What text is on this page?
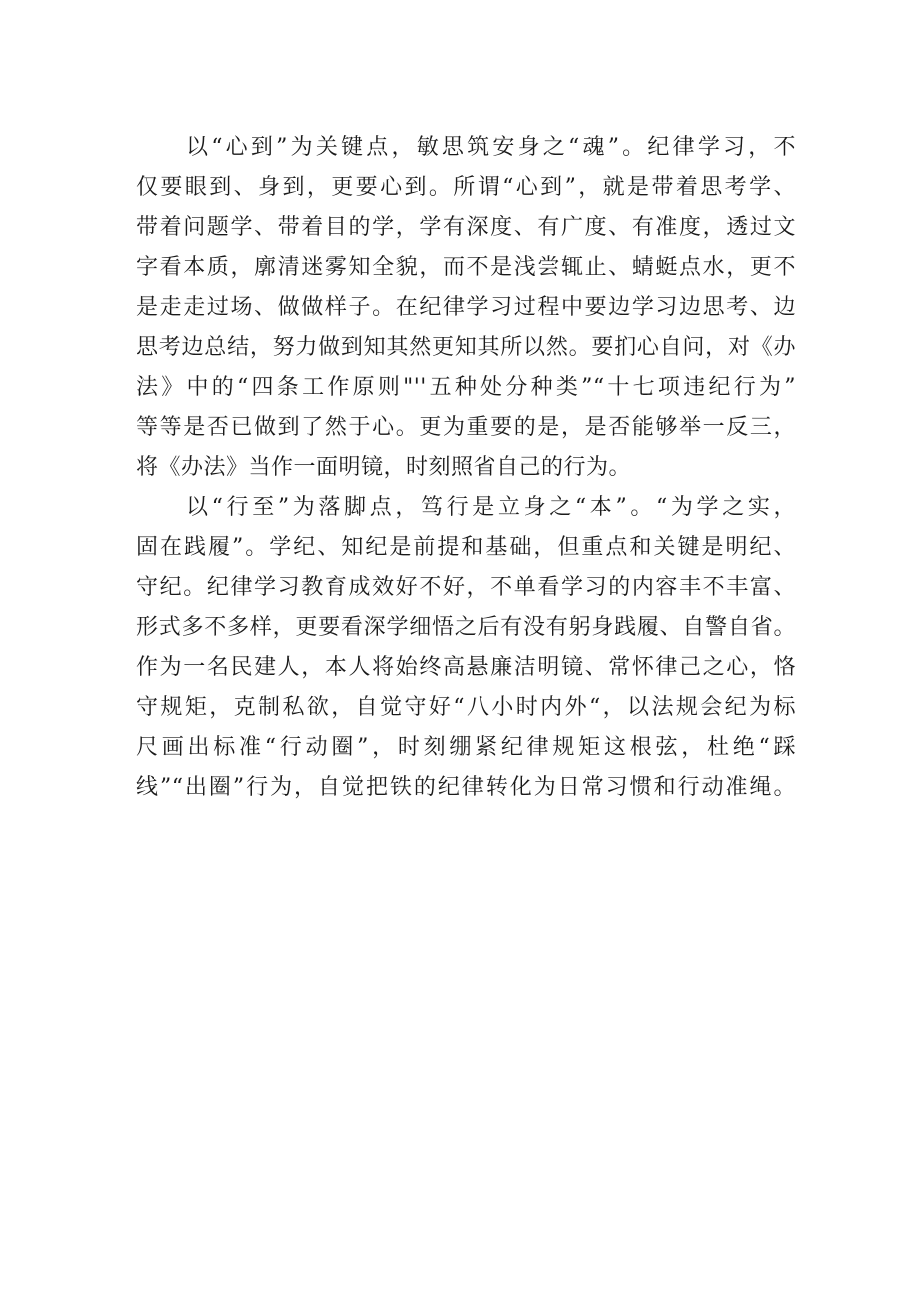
以“心到”为关键点，敏思筑安身之“魂”。纪律学习，不
仅要眼到、身到，更要心到。所谓“心到”，就是带着思考学、
带着问题学、带着目的学，学有深度、有广度、有准度，透过文
字看本质，廓清迷雾知全貌，而不是浅尝辄止、蜻蜓点水，更不
是走走过场、做做样子。在纪律学习过程中要边学习边思考、边
思考边总结，努力做到知其然更知其所以然。要扪心自问，对《办
法》中的“四条工作原则"''五种处分种类”“十七项违纪行为”
等等是否已做到了然于心。更为重要的是，是否能够举一反三，
将《办法》当作一面明镜，时刻照省自己的行为。
以“行至”为落脚点，笃行是立身之“本”。“为学之实，
固在践履”。学纪、知纪是前提和基础，但重点和关键是明纪、
守纪。纪律学习教育成效好不好，不单看学习的内容丰不丰富、
形式多不多样，更要看深学细悟之后有没有躬身践履、自警自省。
作为一名民建人，本人将始终高悬廉洁明镜、常怀律己之心，恪
守规矩，克制私欲，自觉守好“八小时内外“，以法规会纪为标
尺画出标准“行动圈”，时刻绷紧纪律规矩这根弦，杜绝“踩
线”“出圈”行为，自觉把铁的纪律转化为日常习惯和行动准绳。
